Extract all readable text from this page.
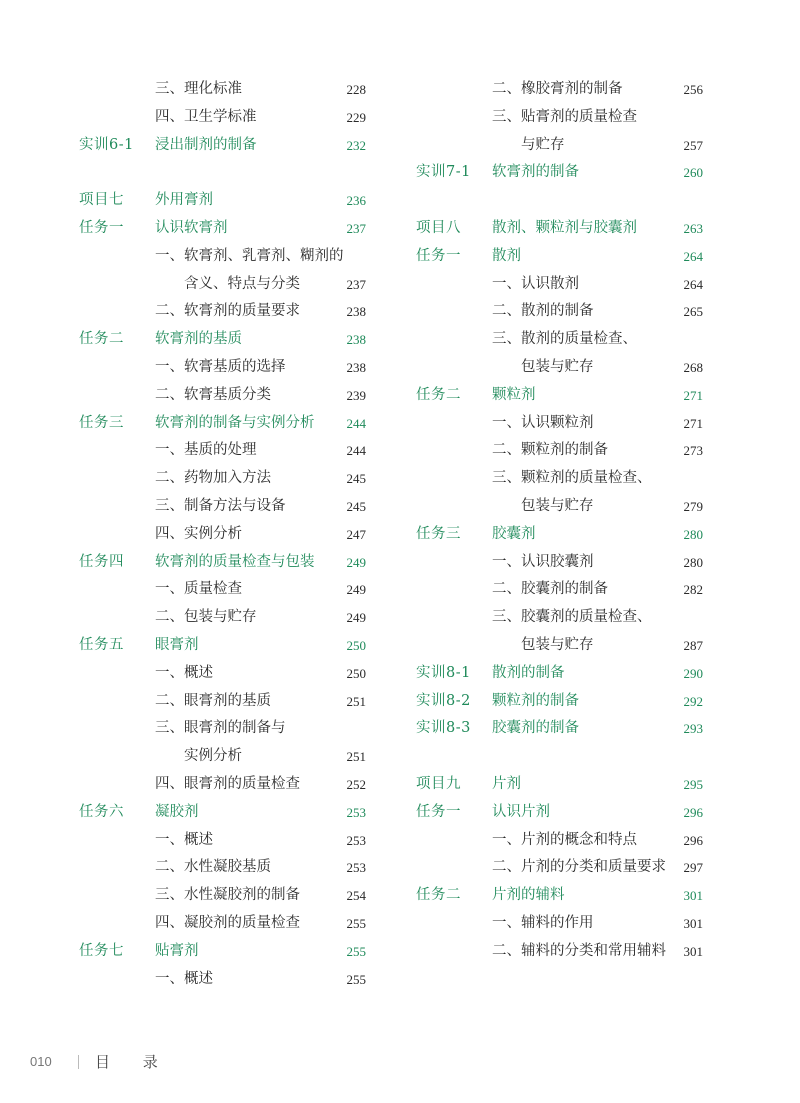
三、理化标准	228
四、卫生学标准	229
实训6-1 浸出制剂的制备	232
项目七 外用膏剂	236
任务一 认识软膏剂	237
一、软膏剂、乳膏剂、糊剂的
含义、特点与分类	237
二、软膏剂的质量要求	238
任务二 软膏剂的基质	238
一、软膏基质的选择	238
二、软膏基质分类	239
任务三 软膏剂的制备与实例分析 244
一、基质的处理	244
二、药物加入方法	245
三、制备方法与设备	245
四、实例分析	247
任务四 软膏剂的质量检查与包装 249
一、质量检查	249
二、包装与贮存	249
任务五 眼膏剂	250
一、概述	250
二、眼膏剂的基质	251
三、眼膏剂的制备与
实例分析	251
四、眼膏剂的质量检查	252
任务六 凝胶剂	253
一、概述	253
二、水性凝胶基质	253
三、水性凝胶剂的制备	254
四、凝胶剂的质量检查	255
任务七 贴膏剂	255
一、概述	255
二、橡胶膏剂的制备	256
三、贴膏剂的质量检查
与贮存	257
实训7-1 软膏剂的制备	260
项目八 散剂、颗粒剂与胶囊剂	263
任务一 散剂	264
一、认识散剂	264
二、散剂的制备	265
三、散剂的质量检查、
包装与贮存	268
任务二 颗粒剂	271
一、认识颗粒剂	271
二、颗粒剂的制备	273
三、颗粒剂的质量检查、
包装与贮存	279
任务三 胶囊剂	280
一、认识胶囊剂	280
二、胶囊剂的制备	282
三、胶囊剂的质量检查、
包装与贮存	287
实训8-1 散剂的制备	290
实训8-2 颗粒剂的制备	292
实训8-3 胶囊剂的制备	293
项目九 片剂	295
任务一 认识片剂	296
一、片剂的概念和特点	296
二、片剂的分类和质量要求 297
任务二 片剂的辅料	301
一、辅料的作用	301
二、辅料的分类和常用辅料 301
010	目 录
